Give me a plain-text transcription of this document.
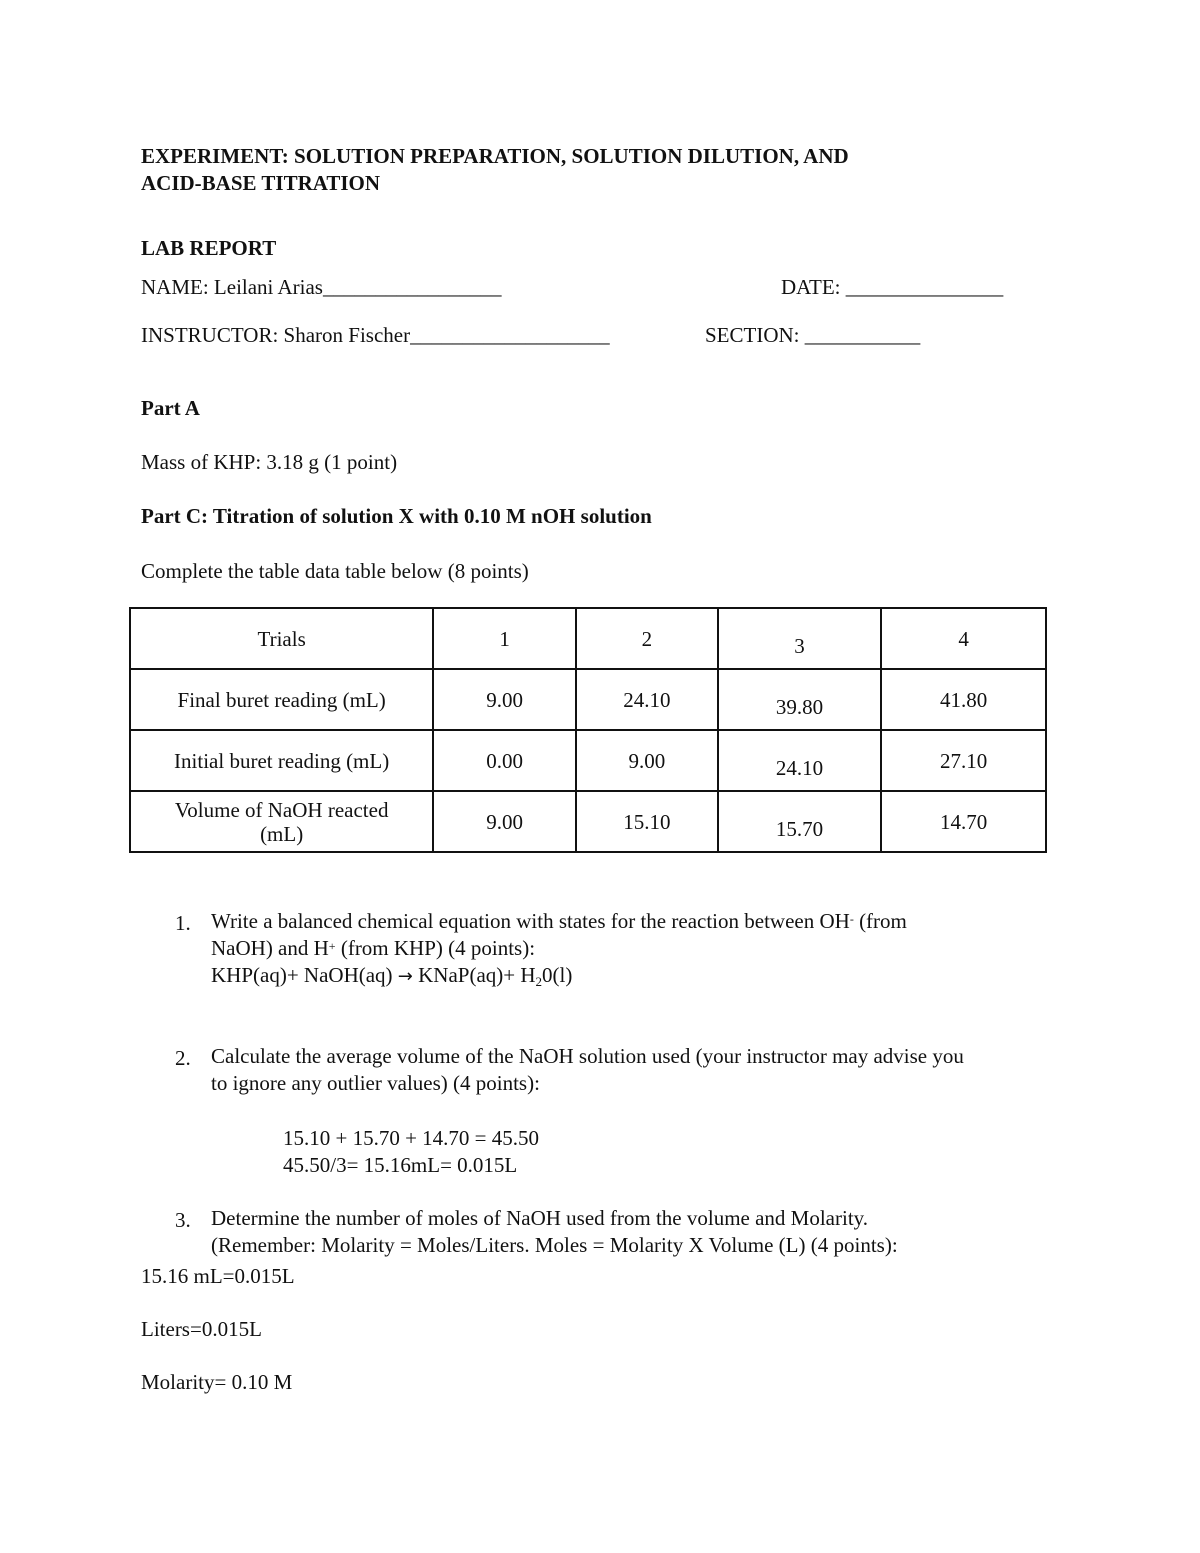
EXPERIMENT: SOLUTION PREPARATION, SOLUTION DILUTION, AND
ACID-BASE TITRATION
LAB REPORT
NAME: Leilani Arias_________________	DATE: _______________
INSTRUCTOR: Sharon Fischer___________________	SECTION: ___________
Part A
Mass of KHP: 3.18 g (1 point)
Part C: Titration of solution X with 0.10 M nOH solution
Complete the table data table below (8 points)
Trials	1	2	3	4
Final buret reading (mL)	9.00	24.10	39.80	41.80
Initial buret reading (mL)	0.00	9.00	24.10	27.10
Volume of NaOH reacted
(mL)	9.00	15.10	15.70	14.70
1. Write a balanced chemical equation with states for the reaction between OH- (from
NaOH) and H+ (from KHP) (4 points):
KHP(aq)+ NaOH(aq) → KNaP(aq)+ $H_20(l)$
2. Calculate the average volume of the NaOH solution used (your instructor may advise you
to ignore any outlier values) (4 points):
15.10 + 15.70 + 14.70 = 45.50
45.50/3= 15.16mL= 0.015L
3. Determine the number of moles of NaOH used from the volume and Molarity.
(Remember: Molarity = Moles/Liters. Moles = Molarity X Volume (L) (4 points):
15.16 mL=0.015L
Liters=0.015L
Molarity= 0.10 M
